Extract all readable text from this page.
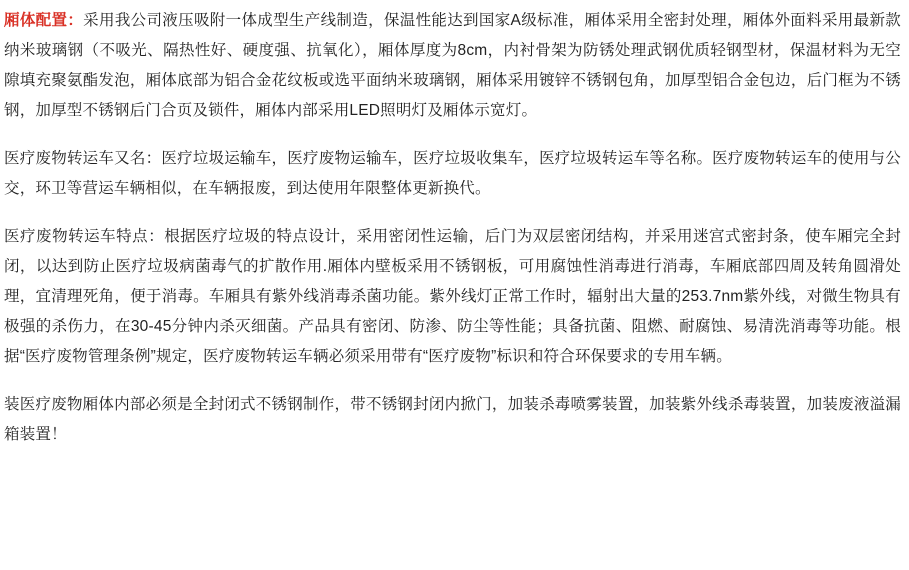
厢体配置：采用我公司液压吸附一体成型生产线制造，保温性能达到国家A级标准，厢体采用全密封处理，厢体外面料采用最新款纳米玻璃钢（不吸光、隔热性好、硬度强、抗氧化），厢体厚度为8cm，内衬骨架为防锈处理武钢优质轻钢型材，保温材料为无空隙填充聚氨酯发泡，厢体底部为铝合金花纹板或选平面纳米玻璃钢，厢体采用镀锌不锈钢包角，加厚型铝合金包边，后门框为不锈钢，加厚型不锈钢后门合页及锁件，厢体内部采用LED照明灯及厢体示宽灯。

医疗废物转运车又名：医疗垃圾运输车，医疗废物运输车，医疗垃圾收集车，医疗垃圾转运车等名称。医疗废物转运车的使用与公交，环卫等营运车辆相似，在车辆报废，到达使用年限整体更新换代。

医疗废物转运车特点：根据医疗垃圾的特点设计，采用密闭性运输，后门为双层密闭结构，并采用迷宫式密封条，使车厢完全封闭，以达到防止医疗垃圾病菌毒气的扩散作用.厢体内壁板采用不锈钢板，可用腐蚀性消毒进行消毒，车厢底部四周及转角圆滑处理，宜清理死角，便于消毒。车厢具有紫外线消毒杀菌功能。紫外线灯正常工作时，辐射出大量的253.7nm紫外线，对微生物具有极强的杀伤力，在30-45分钟内杀灭细菌。产品具有密闭、防渗、防尘等性能；具备抗菌、阻燃、耐腐蚀、易清洗消毒等功能。根据“医疗废物管理条例”规定，医疗废物转运车辆必须采用带有“医疗废物”标识和符合环保要求的专用车辆。

装医疗废物厢体内部必须是全封闭式不锈钢制作，带不锈钢封闭内掀门，加装杀毒喷雾装置，加装紫外线杀毒装置，加装废液溢漏箱装置！
